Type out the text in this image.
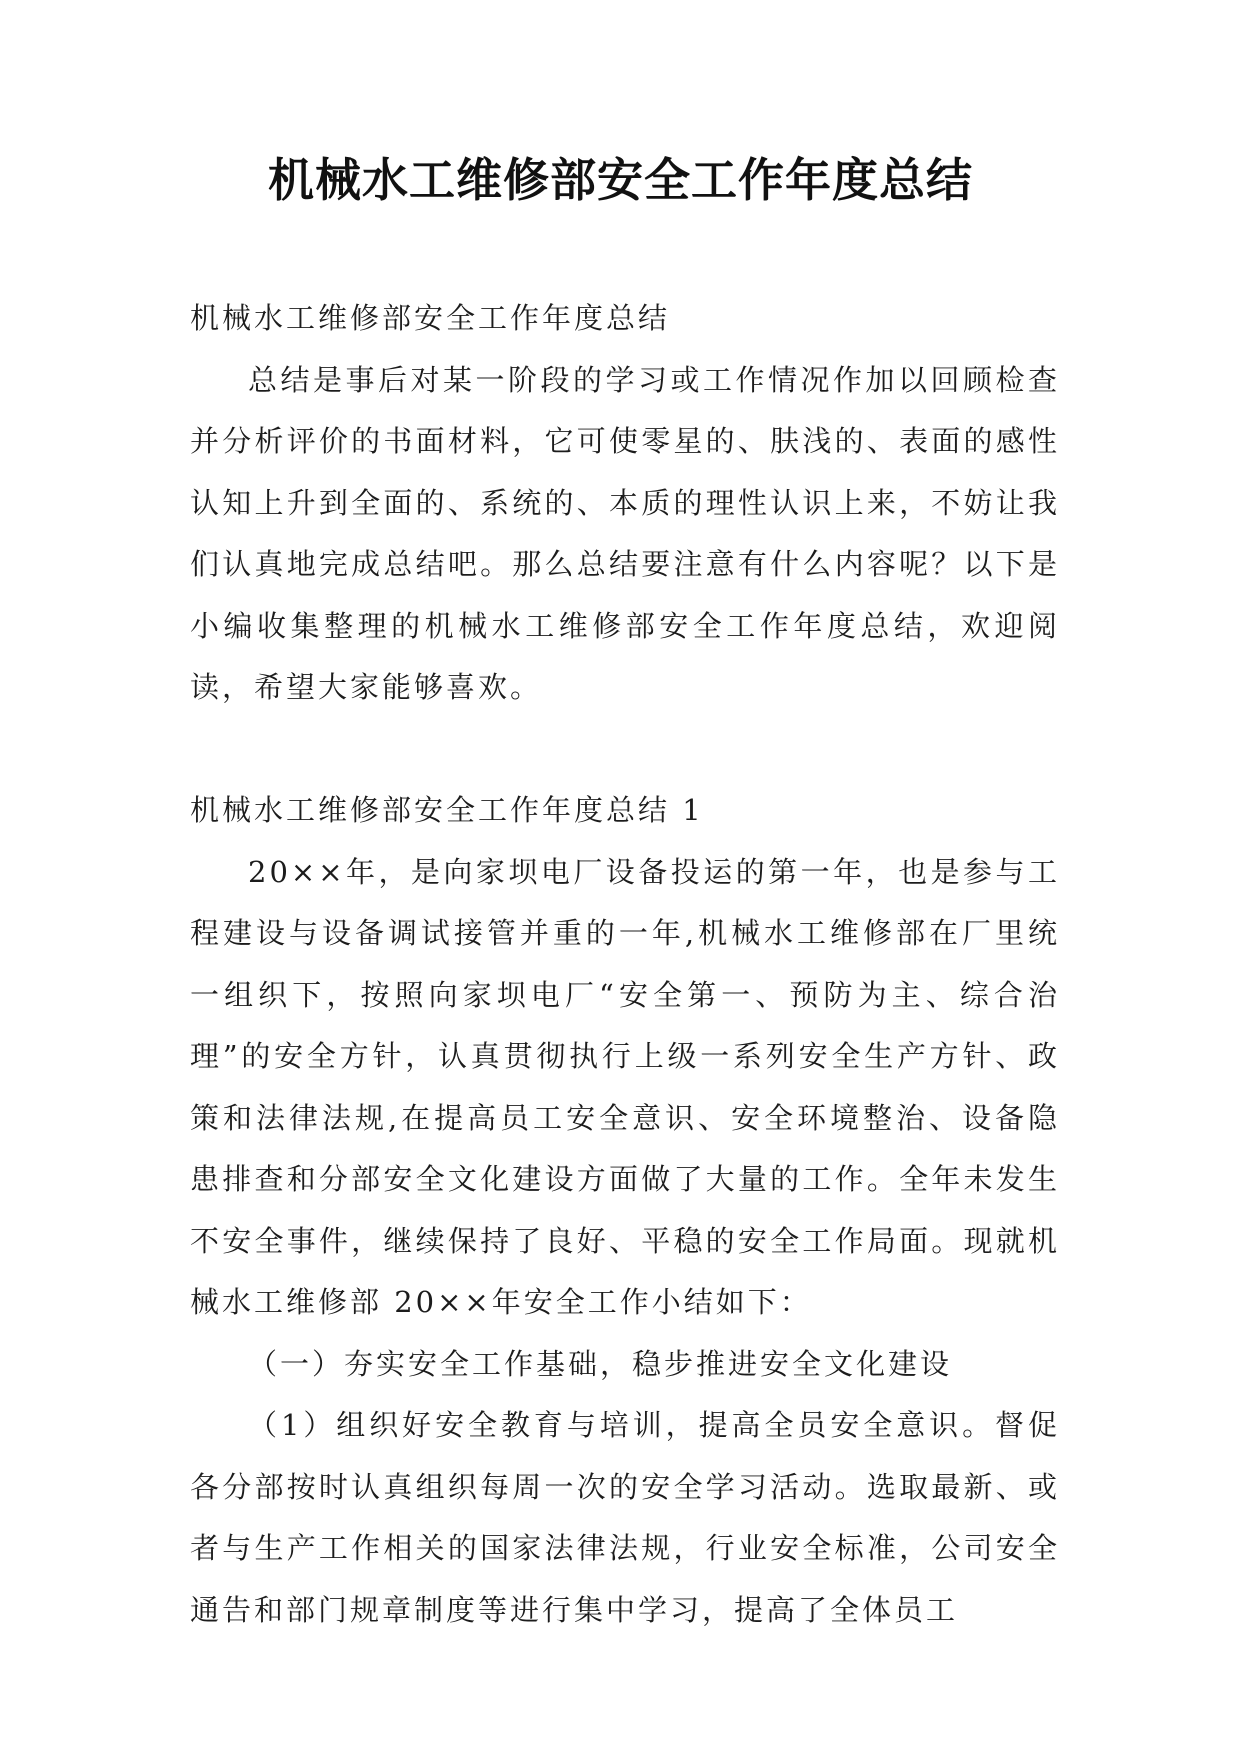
机械水工维修部安全工作年度总结

机械水工维修部安全工作年度总结

总结是事后对某一阶段的学习或工作情况作加以回顾检查并分析评价的书面材料，它可使零星的、肤浅的、表面的感性认知上升到全面的、系统的、本质的理性认识上来，不妨让我们认真地完成总结吧。那么总结要注意有什么内容呢？以下是小编收集整理的机械水工维修部安全工作年度总结，欢迎阅读，希望大家能够喜欢。

机械水工维修部安全工作年度总结 1

20××年，是向家坝电厂设备投运的第一年，也是参与工程建设与设备调试接管并重的一年,机械水工维修部在厂里统一组织下，按照向家坝电厂“安全第一、预防为主、综合治理”的安全方针，认真贯彻执行上级一系列安全生产方针、政策和法律法规,在提高员工安全意识、安全环境整治、设备隐患排查和分部安全文化建设方面做了大量的工作。全年未发生不安全事件，继续保持了良好、平稳的安全工作局面。现就机械水工维修部 20××年安全工作小结如下：

（一）夯实安全工作基础，稳步推进安全文化建设

（1）组织好安全教育与培训，提高全员安全意识。督促各分部按时认真组织每周一次的安全学习活动。选取最新、或者与生产工作相关的国家法律法规，行业安全标准，公司安全通告和部门规章制度等进行集中学习，提高了全体员工
